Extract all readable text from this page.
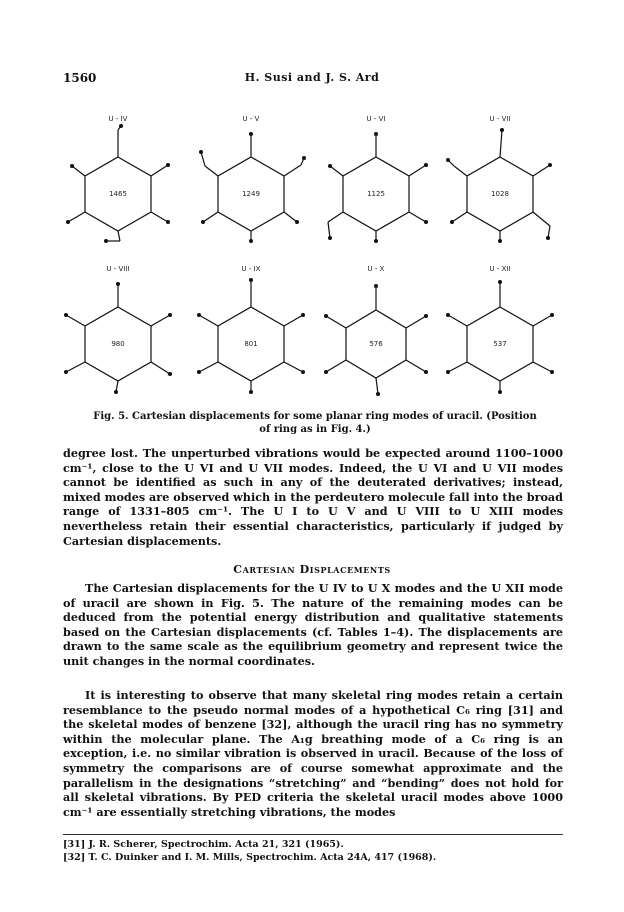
1560	H. Susi and J. S. Ard
U - IV	U - V	U - VI	U - VII
U - VIII	U - IX	U - X	U - XII
1465	1249	1125	1028
980	801	576	537
Fig. 5. Cartesian displacements for some planar ring modes of uracil. (Position
of ring as in Fig. 4.)
degree lost. The unperturbed vibrations would be expected around 1100–1000 cm⁻¹, close to the U VI and U VII modes. Indeed, the U VI and U VII modes cannot be identified as such in any of the deuterated derivatives; instead, mixed modes are observed which in the perdeutero molecule fall into the broad range of 1331–805 cm⁻¹. The U I to U V and U VIII to U XIII modes nevertheless retain their essential characteristics, particularly if judged by Cartesian displacements.
Cartesian Displacements
The Cartesian displacements for the U IV to U X modes and the U XII mode of uracil are shown in Fig. 5. The nature of the remaining modes can be deduced from the potential energy distribution and qualitative statements based on the Cartesian displacements (cf. Tables 1–4). The displacements are drawn to the same scale as the equilibrium geometry and represent twice the unit changes in the normal coordinates.
It is interesting to observe that many skeletal ring modes retain a certain resemblance to the pseudo normal modes of a hypothetical C₆ ring [31] and the skeletal modes of benzene [32], although the uracil ring has no symmetry within the molecular plane. The A₁g breathing mode of a C₆ ring is an exception, i.e. no similar vibration is observed in uracil. Because of the loss of symmetry the comparisons are of course somewhat approximate and the parallelism in the designations “stretching” and “bending” does not hold for all skeletal vibrations. By PED criteria the skeletal uracil modes above 1000 cm⁻¹ are essentially stretching vibrations, the modes
[31] J. R. Scherer, Spectrochim. Acta 21, 321 (1965).
[32] T. C. Duinker and I. M. Mills, Spectrochim. Acta 24A, 417 (1968).
